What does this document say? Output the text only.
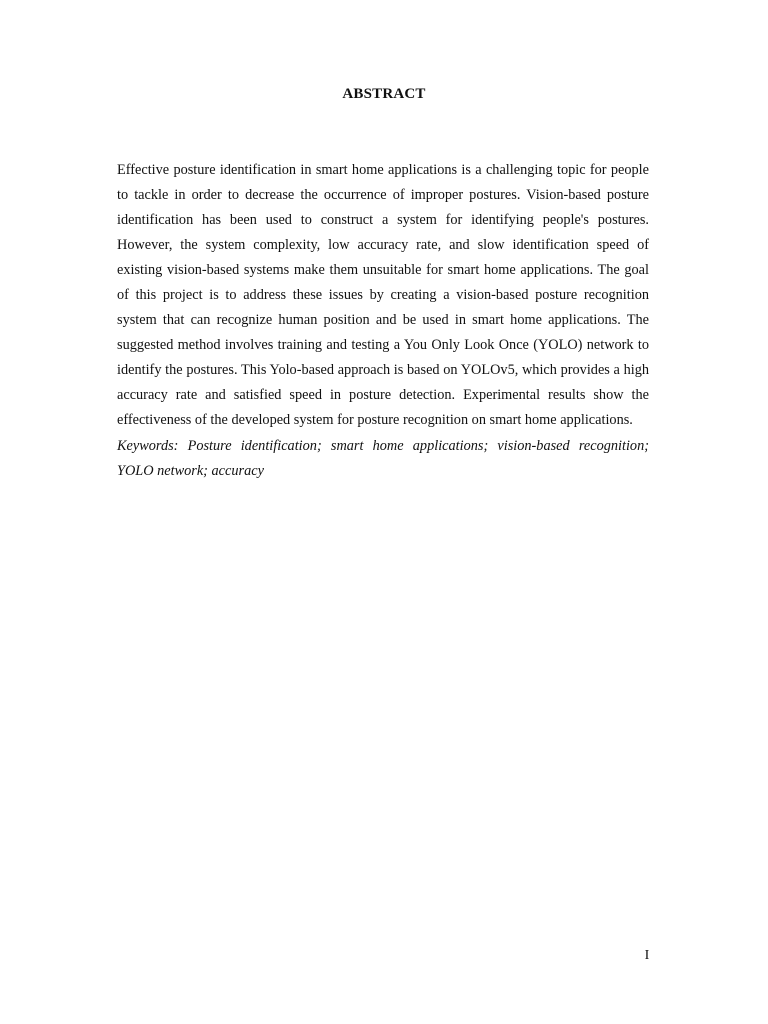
ABSTRACT

Effective posture identification in smart home applications is a challenging topic for people to tackle in order to decrease the occurrence of improper postures. Vision-based posture identification has been used to construct a system for identifying people's postures. However, the system complexity, low accuracy rate, and slow identification speed of existing vision-based systems make them unsuitable for smart home applications. The goal of this project is to address these issues by creating a vision-based posture recognition system that can recognize human position and be used in smart home applications. The suggested method involves training and testing a You Only Look Once (YOLO) network to identify the postures. This Yolo-based approach is based on YOLOv5, which provides a high accuracy rate and satisfied speed in posture detection. Experimental results show the effectiveness of the developed system for posture recognition on smart home applications.

Keywords: Posture identification; smart home applications; vision-based recognition; YOLO network; accuracy

I
